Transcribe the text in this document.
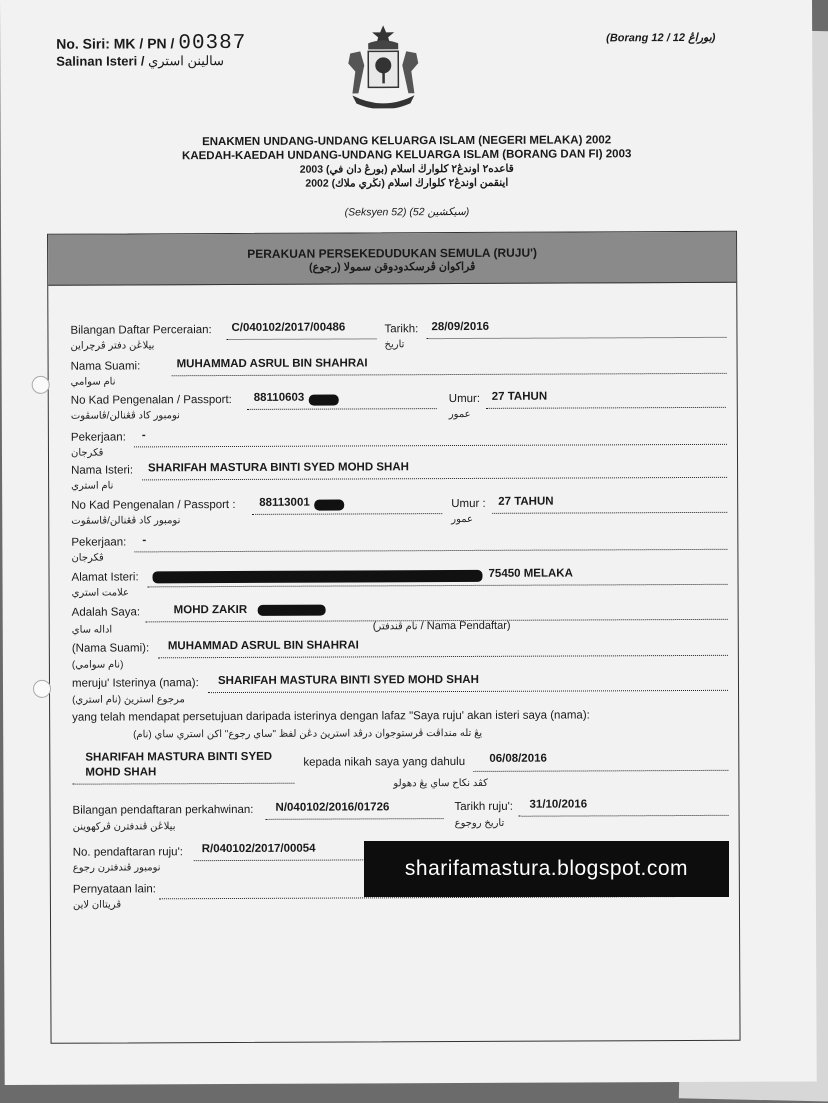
No. Siri: MK / PN / 00387
Salinan Isteri / سالينن استري
(Borang 12 / 12 بوراڠ)
ENAKMEN UNDANG-UNDANG KELUARGA ISLAM (NEGERI MELAKA) 2002
KAEDAH-KAEDAH UNDANG-UNDANG KELUARGA ISLAM (BORANG DAN FI) 2003
قاعده٢ اوندڠ٢ كلوارڬ اسلام (بورڠ دان في) 2003
اينقمن اوندڠ٢ كلوارڬ اسلام (نڬري ملاك) 2002
(Seksyen 52) (سيکشين 52)
PERAKUAN PERSEKEDUDUKAN SEMULA (RUJU')
ڤراكوان ڤرسكدودوقن سمولا (رجوع)
Bilangan Daftar Perceraian:
بيلاڠن دفتر ڤرچراين
C/040102/2017/00486	Tarikh:
تاريخ
28/09/2016
Nama Suami:
نام سوامي
MUHAMMAD ASRUL BIN SHAHRAI
No Kad Pengenalan / Passport:
نومبور كاد ڤڠنالن/ڤاسڤوت
88110603	Umur:
عمور
27 TAHUN
Pekerjaan:
ڤكرجان
-
Nama Isteri:
نام استري
SHARIFAH MASTURA BINTI SYED MOHD SHAH
No Kad Pengenalan / Passport :
نومبور كاد ڤڠنالن/ڤاسڤوت
88113001	Umur :
عمور
27 TAHUN
Pekerjaan:
ڤكرجان
-
Alamat Isteri:
علامت استري
75450 MELAKA
Adalah Saya:
اداله ساي
MOHD ZAKIR
(نام ڤندفتر / Nama Pendaftar)
(Nama Suami):
(نام سوامي)
MUHAMMAD ASRUL BIN SHAHRAI
meruju' Isterinya (nama):
مرجوع استريڽ (نام استري)
SHARIFAH MASTURA BINTI SYED MOHD SHAH
yang telah mendapat persetujuan daripada isterinya dengan lafaz "Saya ruju' akan isteri saya (nama):
يڠ تله منداڤت ڤرستوجوان درڤد استريڽ دڠن لفظ "ساي رجوع" اكن استري ساي (نام)
SHARIFAH MASTURA BINTI SYED
MOHD SHAH
kepada nikah saya yang dahulu 06/08/2016
كڤد نكاح ساي يڠ دهولو
Bilangan pendaftaran perkahwinan:
بيلاڠن ڤندفترن ڤركهوينن
N/040102/2016/01726	Tarikh ruju':
تاريخ روجوع
31/10/2016
No. pendaftaran ruju':
نومبور ڤندفترن رجوع
R/040102/2017/00054
Pernyataan lain:
ڤريتاان لاين
sharifamastura.blogspot.com
